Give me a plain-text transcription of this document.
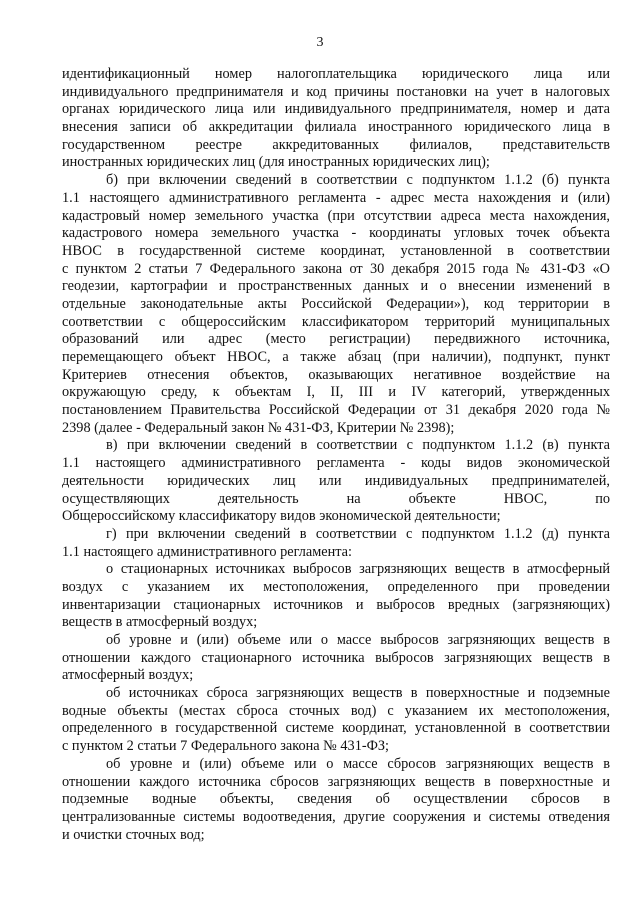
3
идентификационный номер налогоплательщика юридического лица или
индивидуального предпринимателя и код причины постановки на учет в налоговых
органах юридического лица или индивидуального предпринимателя, номер и дата
внесения записи об аккредитации филиала иностранного юридического лица в
государственном реестре аккредитованных филиалов, представительств
иностранных юридических лиц (для иностранных юридических лиц);
б) при включении сведений в соответствии с подпунктом 1.1.2 (б) пункта
1.1 настоящего административного регламента - адрес места нахождения и (или)
кадастровый номер земельного участка (при отсутствии адреса места нахождения,
кадастрового номера земельного участка - координаты угловых точек объекта
НВОС в государственной системе координат, установленной в соответствии
с пунктом 2 статьи 7 Федерального закона от 30 декабря 2015 года № 431-ФЗ «О
геодезии, картографии и пространственных данных и о внесении изменений в
отдельные законодательные акты Российской Федерации»), код территории в
соответствии с общероссийским классификатором территорий муниципальных
образований или адрес (место регистрации) передвижного источника,
перемещающего объект НВОС, а также абзац (при наличии), подпункт, пункт
Критериев отнесения объектов, оказывающих негативное воздействие на
окружающую среду, к объектам I, II, III и IV категорий, утвержденных
постановлением Правительства Российской Федерации от 31 декабря 2020 года №
2398 (далее - Федеральный закон № 431-ФЗ, Критерии № 2398);
в) при включении сведений в соответствии с подпунктом 1.1.2 (в) пункта
1.1 настоящего административного регламента - коды видов экономической
деятельности юридических лиц или индивидуальных предпринимателей,
осуществляющих деятельность на объекте НВОС, по
Общероссийскому классификатору видов экономической деятельности;
г) при включении сведений в соответствии с подпунктом 1.1.2 (д) пункта
1.1 настоящего административного регламента:
о стационарных источниках выбросов загрязняющих веществ в атмосферный
воздух с указанием их местоположения, определенного при проведении
инвентаризации стационарных источников и выбросов вредных (загрязняющих)
веществ в атмосферный воздух;
об уровне и (или) объеме или о массе выбросов загрязняющих веществ в
отношении каждого стационарного источника выбросов загрязняющих веществ в
атмосферный воздух;
об источниках сброса загрязняющих веществ в поверхностные и подземные
водные объекты (местах сброса сточных вод) с указанием их местоположения,
определенного в государственной системе координат, установленной в соответствии
с пунктом 2 статьи 7 Федерального закона № 431-ФЗ;
об уровне и (или) объеме или о массе сбросов загрязняющих веществ в
отношении каждого источника сбросов загрязняющих веществ в поверхностные и
подземные водные объекты, сведения об осуществлении сбросов в
централизованные системы водоотведения, другие сооружения и системы отведения
и очистки сточных вод;
